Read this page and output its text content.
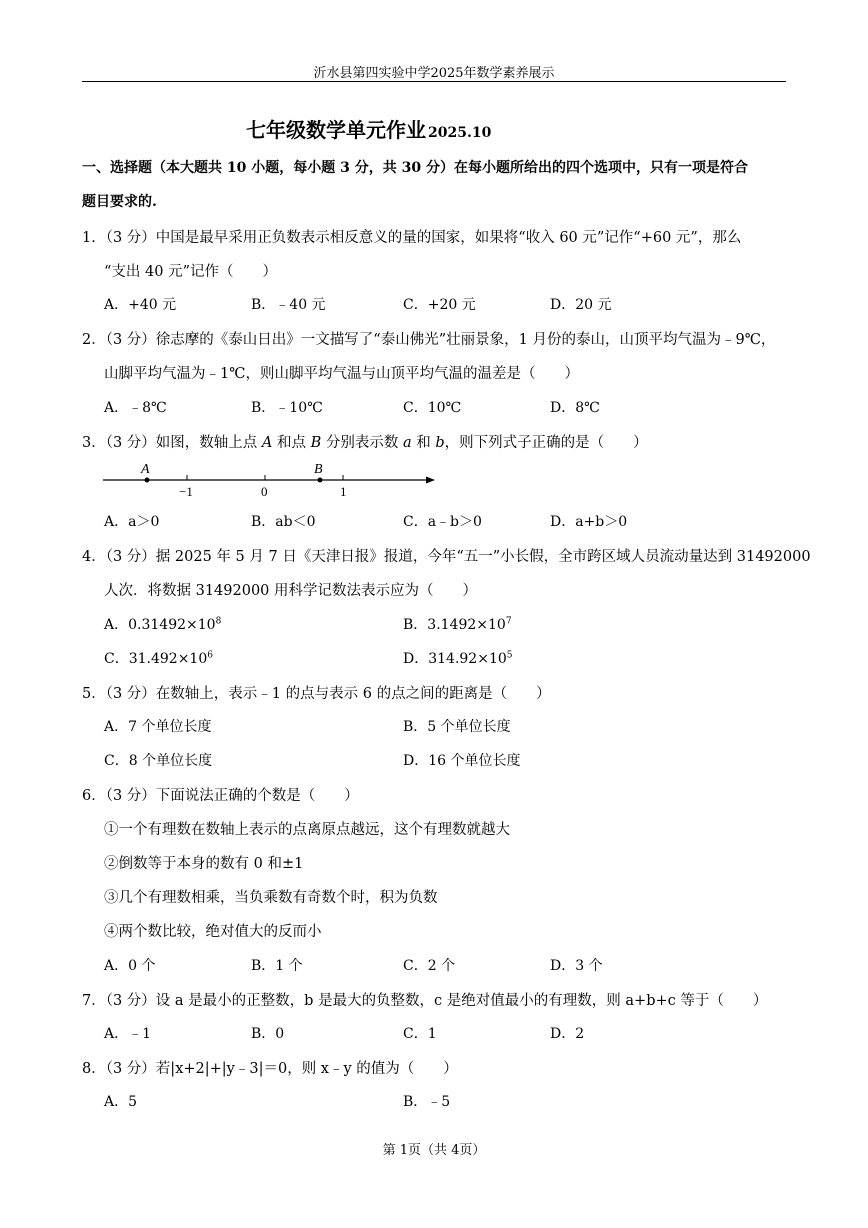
沂水县第四实验中学2025年数学素养展示
七年级数学单元作业 2025.10
一、选择题（本大题共 10 小题，每小题 3 分，共 30 分）在每小题所给出的四个选项中，只有一项是符合
题目要求的.
1．（3 分）中国是最早采用正负数表示相反意义的量的国家，如果将“收入 60 元”记作“+60 元”，那么
“支出 40 元”记作（　　）
A．+40 元	B．﹣40 元	C．+20 元	D．20 元
2．（3 分）徐志摩的《泰山日出》一文描写了“泰山佛光”壮丽景象，1 月份的泰山，山顶平均气温为﹣9℃，
山脚平均气温为﹣1℃，则山脚平均气温与山顶平均气温的温差是（　　）
A．﹣8℃	B．﹣10℃	C．10℃	D．8℃
3．（3 分）如图，数轴上点 A 和点 B 分别表示数 a 和 b，则下列式子正确的是（　　）
A	B
−1	0	1
A．a＞0	B．ab＜0	C．a﹣b＞0	D．a+b＞0
4．（3 分）据 2025 年 5 月 7 日《天津日报》报道，今年“五一”小长假，全市跨区域人员流动量达到 31492000
人次．将数据 31492000 用科学记数法表示应为（　　）
A．$0.31492\times 10^8$	B．$3.1492\times 10^7$
C．$31.492\times 10^6$	D．$314.92\times 10^5$
5．（3 分）在数轴上，表示﹣1 的点与表示 6 的点之间的距离是（　　）
A．7 个单位长度	B．5 个单位长度
C．8 个单位长度	D．16 个单位长度
6．（3 分）下面说法正确的个数是（　　）
①一个有理数在数轴上表示的点离原点越远，这个有理数就越大
②倒数等于本身的数有 0 和±1
③几个有理数相乘，当负乘数有奇数个时，积为负数
④两个数比较，绝对值大的反而小
A．0 个	B．1 个	C．2 个	D．3 个
7．（3 分）设 a 是最小的正整数，b 是最大的负整数，c 是绝对值最小的有理数，则 a+b+c 等于（　　）
A．﹣1	B．0	C．1	D．2
8．（3 分）若|x+2|+|y﹣3|＝0，则 x﹣y 的值为（　　）
A．5	B．﹣5
第 1页（共 4页）
